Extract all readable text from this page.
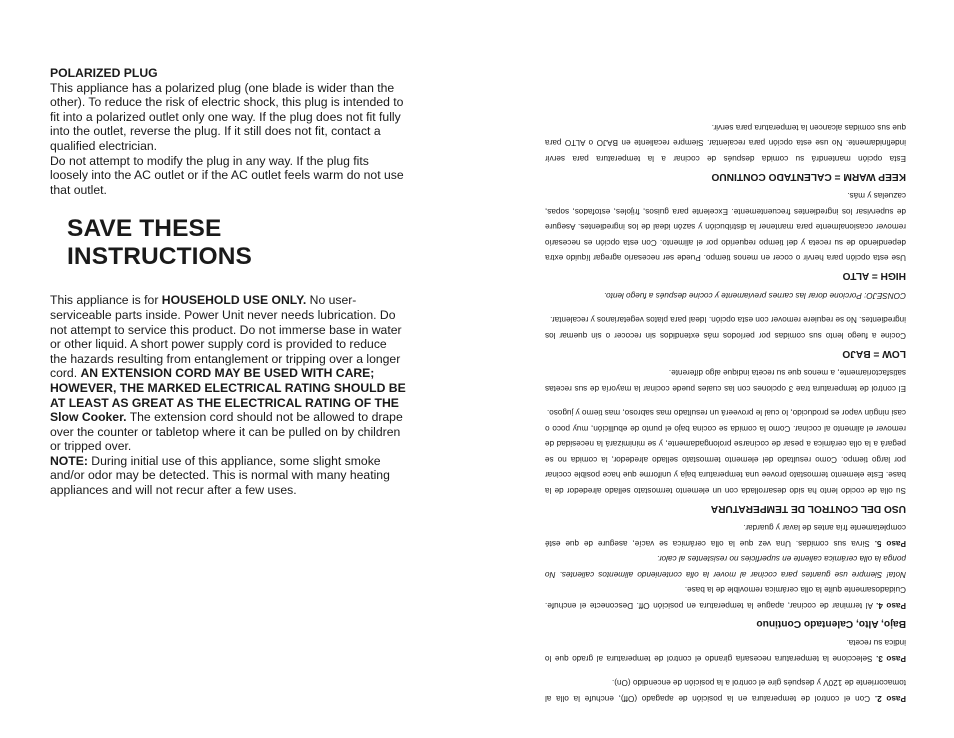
POLARIZED PLUG

This appliance has a polarized plug (one blade is wider than the other). To reduce the risk of electric shock, this plug is intended to fit into a polarized outlet only one way. If the plug does not fit fully into the outlet, reverse the plug. If it still does not fit, contact a qualified electrician.

Do not attempt to modify the plug in any way. If the plug fits loosely into the AC outlet or if the AC outlet feels warm do not use that outlet.

SAVE THESE INSTRUCTIONS

This appliance is for HOUSEHOLD USE ONLY. No user-serviceable parts inside. Power Unit never needs lubrication. Do not attempt to service this product. Do not immerse base in water or other liquid. A short power supply cord is provided to reduce the hazards resulting from entanglement or tripping over a longer cord. AN EXTENSION CORD MAY BE USED WITH CARE; HOWEVER, THE MARKED ELECTRICAL RATING SHOULD BE AT LEAST AS GREAT AS THE ELECTRICAL RATING OF THE Slow Cooker. The extension cord should not be allowed to drape over the counter or tabletop where it can be pulled on by children or tripped over.

NOTE: During initial use of this appliance, some slight smoke and/or odor may be detected. This is normal with many heating appliances and will not recur after a few uses.

Paso 2. Con el control de temperatura en la posición de apagado (Off), enchufe la olla al tomacorriente de 120V y después gire el control a la posición de encendido (On).

Paso 3. Seleccione la temperatura necesaria girando el control de temperatura al grado que lo indica su receta.

Bajo, Alto, Calentado Continuo

Paso 4. Al terminar de cocinar, apague la temperatura en posición Off. Desconecte el enchufe. Cuidadosamente quite la olla cerámica removible de la base.

Nota! Siempre use guantes para cocinar al mover la olla conteniendo alimentos calientes. No ponga la olla cerámica caliente en superficies no resistentes al calor.

Paso 5. Sirva sus comidas. Una vez que la olla cerámica se vacíe, asegure de que esté completamente fría antes de lavar y guardar.

USO DEL CONTROL DE TEMPERATURA

Su olla de cocido lento ha sido desarrollada con un elemento termostato sellado alrededor de la base. Este elemento termostato provee una temperatura baja y uniforme que hace posible cocinar por largo tiempo. Como resultado del elemento termostato sellado alrededor, la comida no se pegará a la olla cerámica a pesar de cocinarse prolongadamente, y se minimizará la necesidad de remover el alimento al cocinar. Como la comida se cocina bajo el punto de ebullición, muy poco o casi ningún vapor es producido, lo cual le proveerá un resultado mas sabroso, mas tierno y jugoso.

El control de temperatura trae 3 opciones con las cuales puede cocinar la mayoría de sus recetas satisfactoriamente, a menos que su receta indique algo diferente.

LOW = BAJO

Cocine a fuego lento sus comidas por períodos más extendidos sin recocer o sin quemar los ingredientes. No se requiere remover con esta opción. Ideal para platos vegetarianos y recalentar.

CONSEJO: Porcione dorar las carnes previamente y cocine después a fuego lento.

HIGH = ALTO

Use esta opción para hervir o cocer en menos tiempo. Puede ser necesario agregar líquido extra dependiendo de su receta y del tiempo requerido por el alimento. Con esta opción es necesario remover ocasionalmente para mantener la distribución y sazón ideal de los ingredientes. Asegure de supervisar los ingredientes frecuentemente. Excelente para guisos, frijoles, estofados, sopas, cazuelas y más.

KEEP WARM = CALENTADO CONTINUO

Esta opción mantendrá su comida después de cocinar a la temperatura para servir indefinidamente. No use esta opción para recalentar. Siempre recaliente en BAJO o ALTO para que sus comidas alcancen la temperatura para servir.
